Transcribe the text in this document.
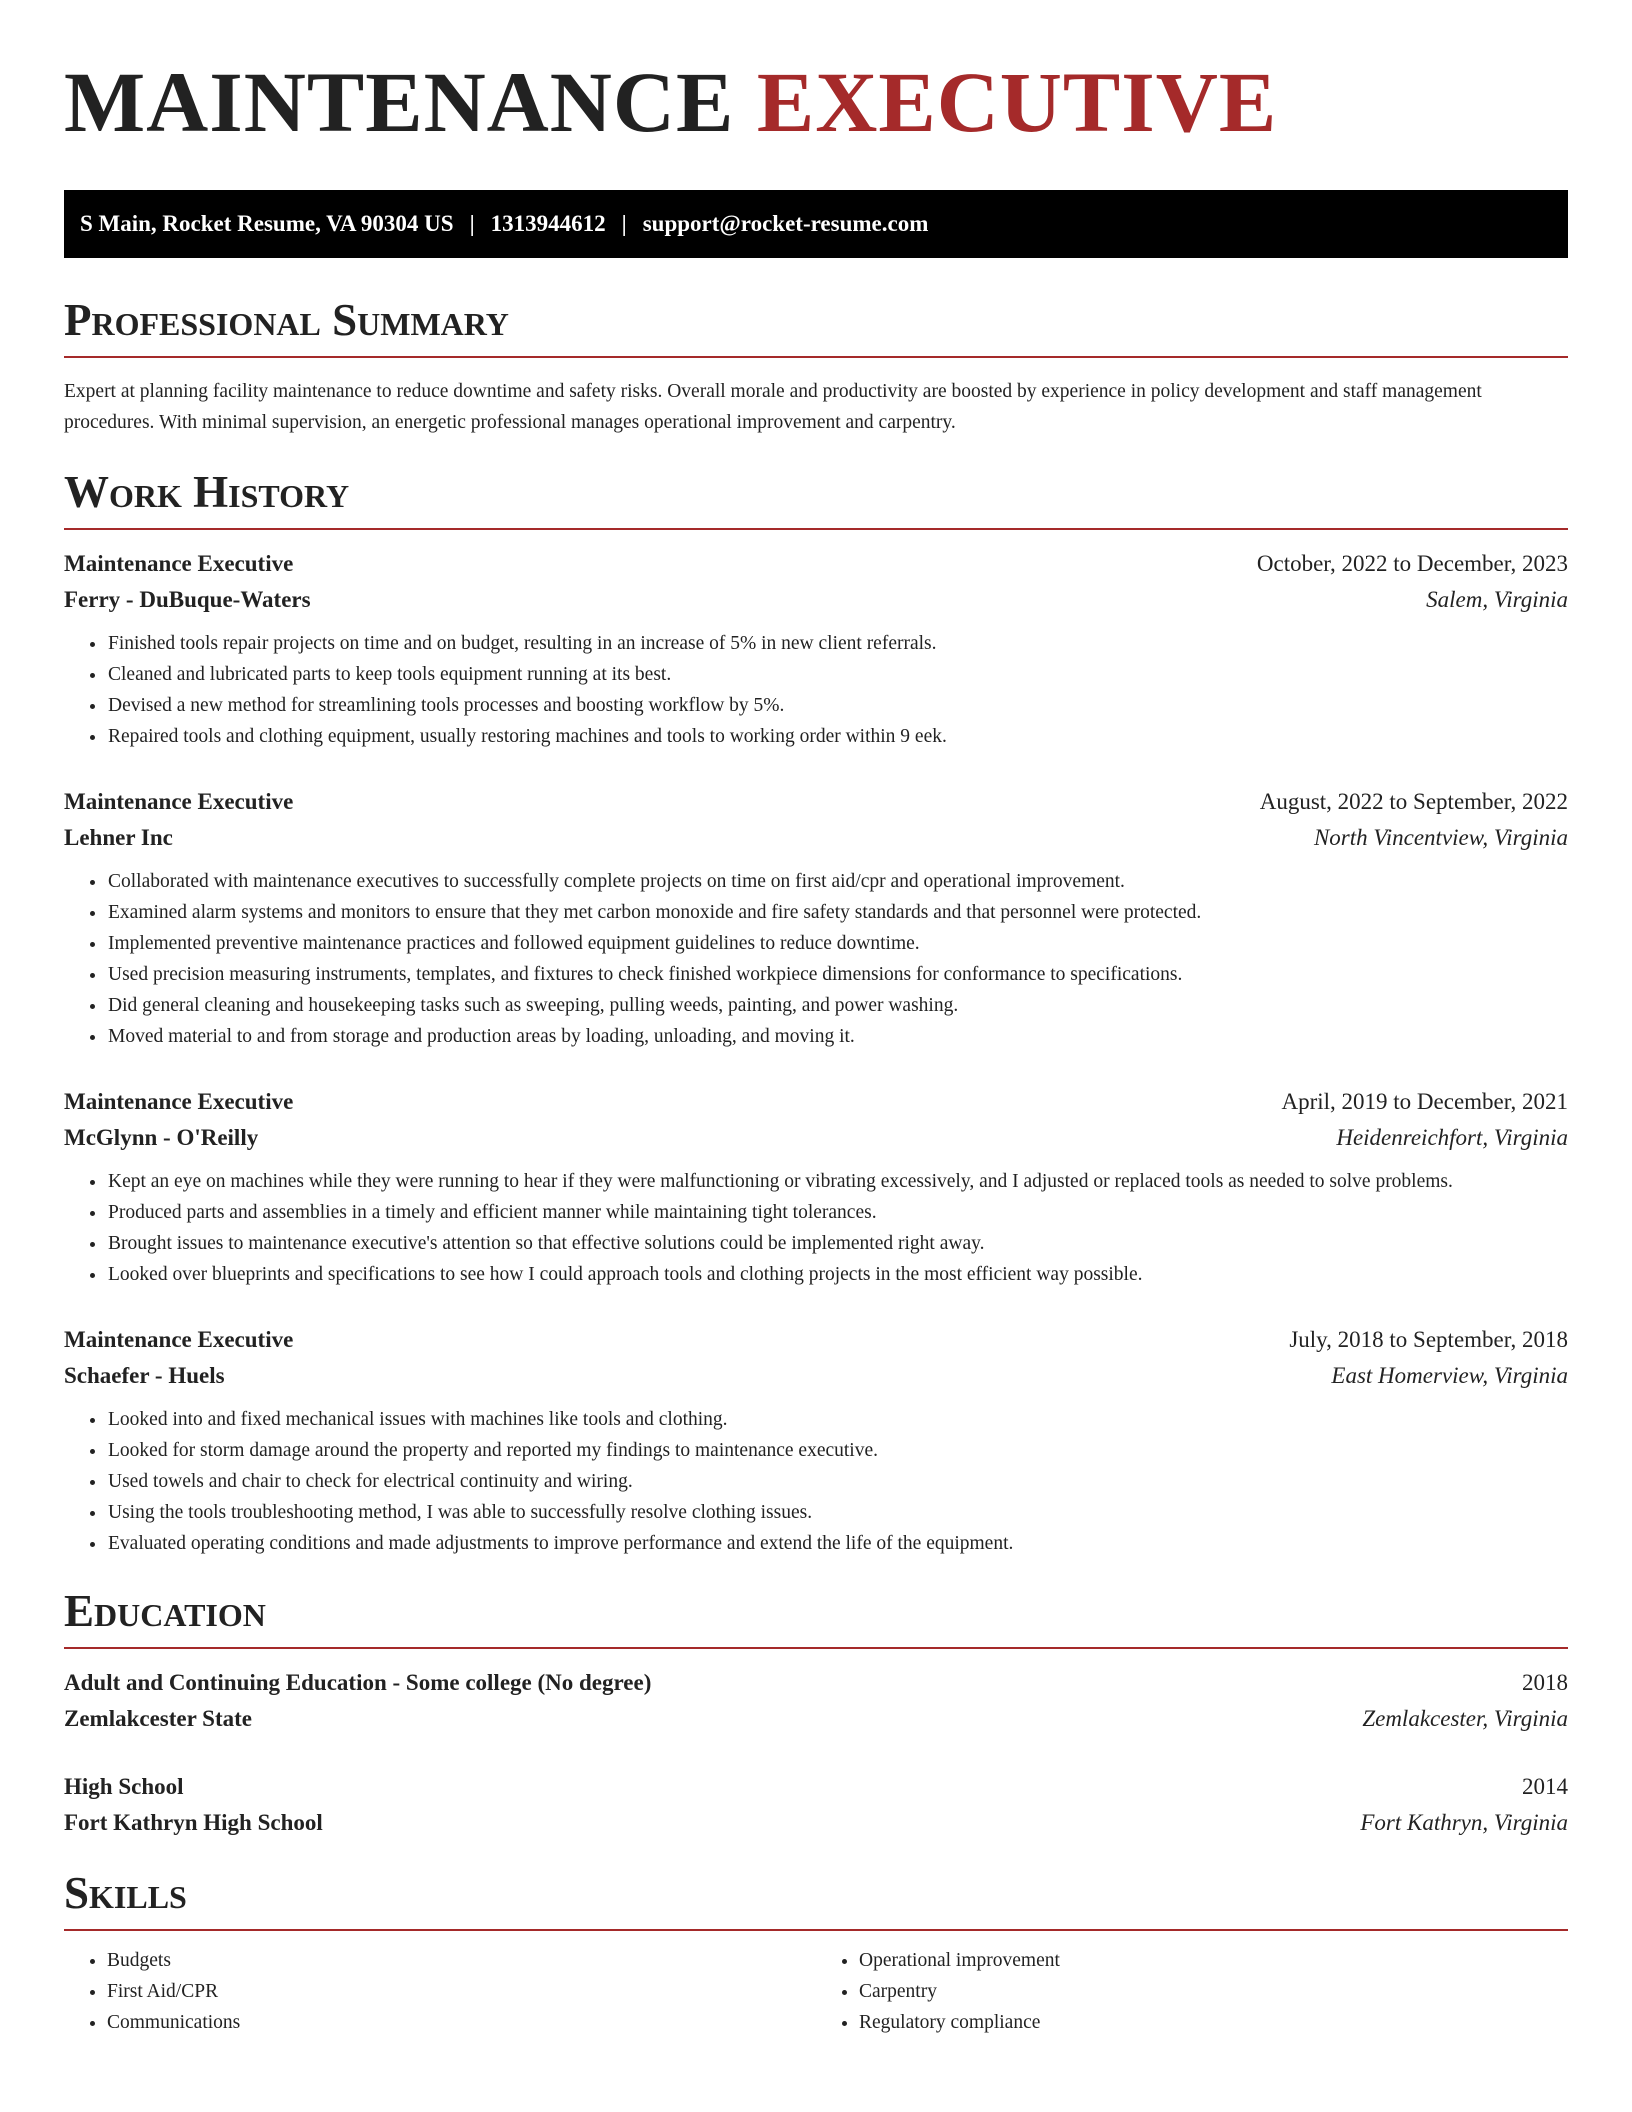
MAINTENANCE EXECUTIVE
S Main, Rocket Resume, VA 90304 US | 1313944612 | support@rocket-resume.com
Professional Summary

Expert at planning facility maintenance to reduce downtime and safety risks. Overall morale and productivity are boosted by experience in policy development and staff management procedures. With minimal supervision, an energetic professional manages operational improvement and carpentry.

Work History
Maintenance Executive	October, 2022 to December, 2023
Ferry - DuBuque-Waters	Salem, Virginia
• Finished tools repair projects on time and on budget, resulting in an increase of 5% in new client referrals.
• Cleaned and lubricated parts to keep tools equipment running at its best.
• Devised a new method for streamlining tools processes and boosting workflow by 5%.
• Repaired tools and clothing equipment, usually restoring machines and tools to working order within 9 eek.
Maintenance Executive	August, 2022 to September, 2022
Lehner Inc	North Vincentview, Virginia
• Collaborated with maintenance executives to successfully complete projects on time on first aid/cpr and operational improvement.
• Examined alarm systems and monitors to ensure that they met carbon monoxide and fire safety standards and that personnel were protected.
• Implemented preventive maintenance practices and followed equipment guidelines to reduce downtime.
• Used precision measuring instruments, templates, and fixtures to check finished workpiece dimensions for conformance to specifications.
• Did general cleaning and housekeeping tasks such as sweeping, pulling weeds, painting, and power washing.
• Moved material to and from storage and production areas by loading, unloading, and moving it.
Maintenance Executive	April, 2019 to December, 2021
McGlynn - O'Reilly	Heidenreichfort, Virginia
• Kept an eye on machines while they were running to hear if they were malfunctioning or vibrating excessively, and I adjusted or replaced tools as needed to solve problems.
• Produced parts and assemblies in a timely and efficient manner while maintaining tight tolerances.
• Brought issues to maintenance executive's attention so that effective solutions could be implemented right away.
• Looked over blueprints and specifications to see how I could approach tools and clothing projects in the most efficient way possible.
Maintenance Executive	July, 2018 to September, 2018
Schaefer - Huels	East Homerview, Virginia
• Looked into and fixed mechanical issues with machines like tools and clothing.
• Looked for storm damage around the property and reported my findings to maintenance executive.
• Used towels and chair to check for electrical continuity and wiring.
• Using the tools troubleshooting method, I was able to successfully resolve clothing issues.
• Evaluated operating conditions and made adjustments to improve performance and extend the life of the equipment.
Education
Adult and Continuing Education - Some college (No degree)	2018
Zemlakcester State	Zemlakcester, Virginia
High School	2014
Fort Kathryn High School	Fort Kathryn, Virginia
Skills
• Budgets
• First Aid/CPR
• Communications
• Operational improvement
• Carpentry
• Regulatory compliance
